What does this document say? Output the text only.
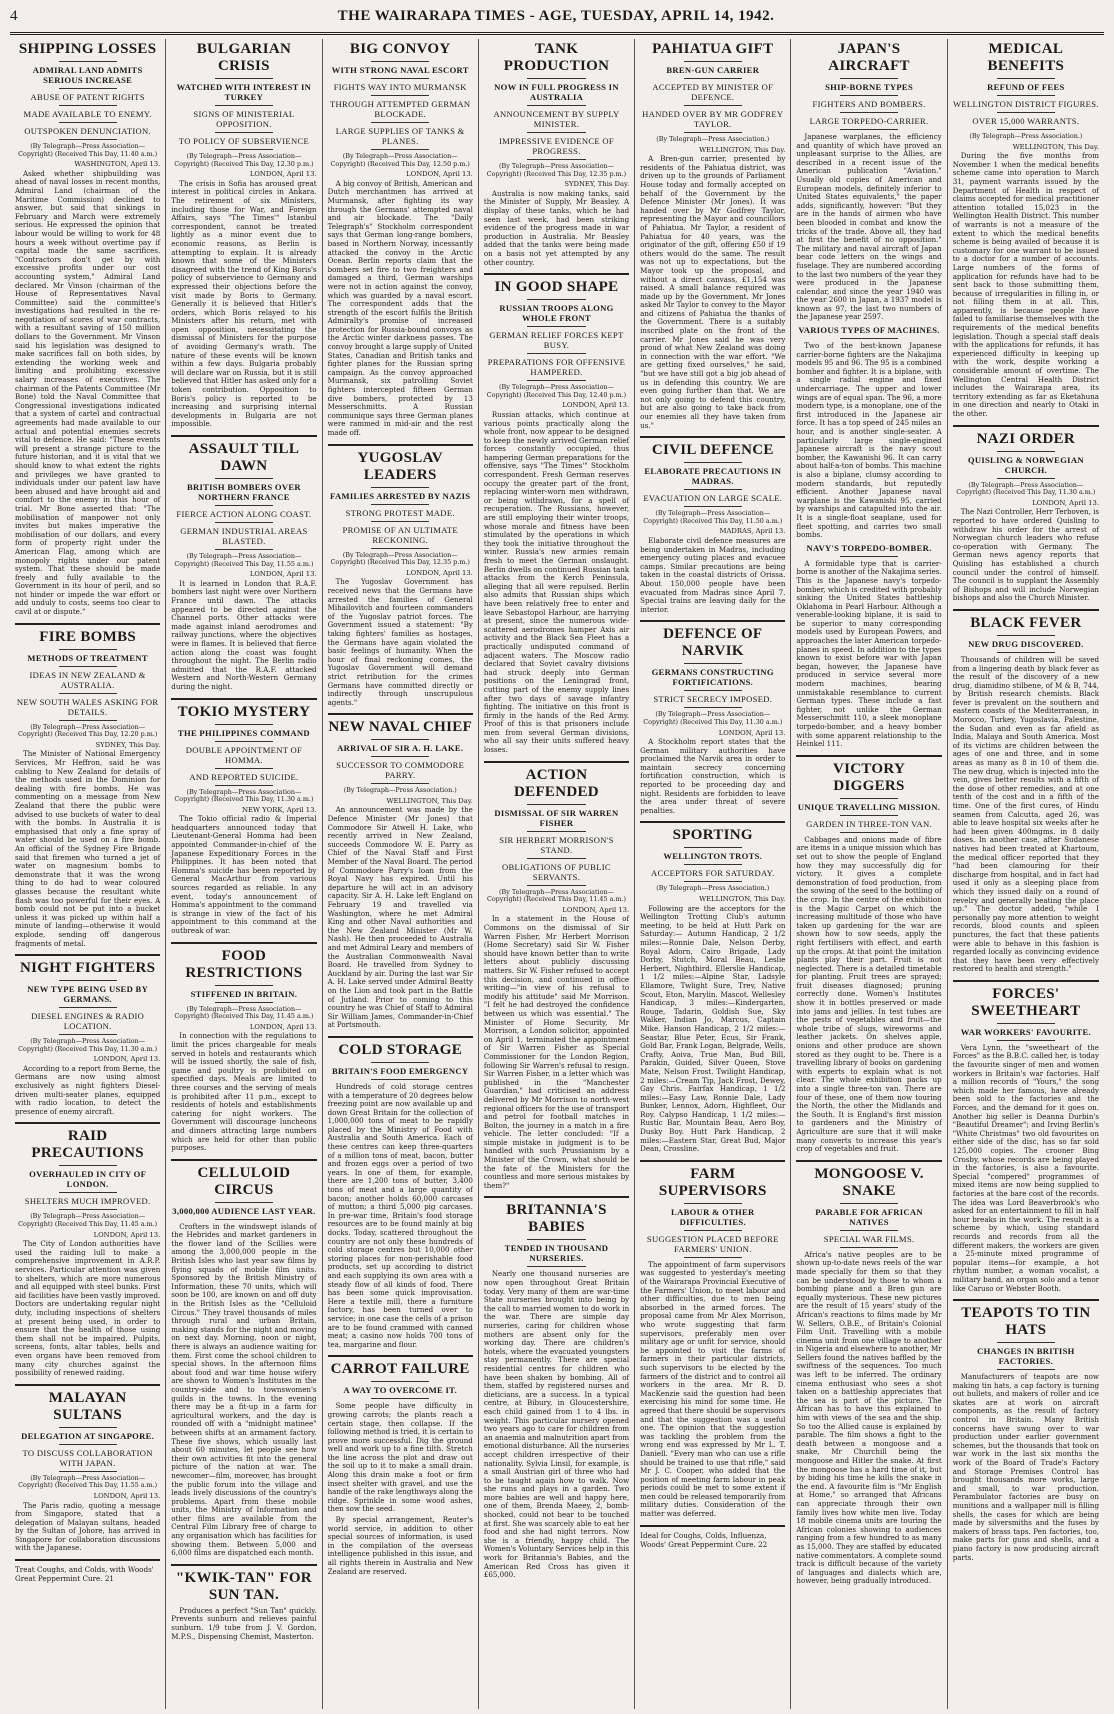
4	THE WAIRARAPA TIMES - AGE, TUESDAY, APRIL 14, 1942.
SHIPPING LOSSES
ADMIRAL LAND ADMITS SERIOUS INCREASE
ABUSE OF PATENT RIGHTS
MADE AVAILABLE TO ENEMY.
OUTSPOKEN DENUNCIATION.
(By Telegraph—Press Association—Copyright) (Received This Day, 11.40 a.m.)
WASHINGTON, April 13.

Asked whether shipbuilding was ahead of naval losses in recent months, Admiral Land (chairman of the Maritime Commission) declined to answer, but said that sinkings in February and March were extremely serious. He expressed the opinion that labour would be willing to work for 48 hours a week without overtime pay if capital made the same sacrifices. "Contractors don't get by with excessive profits under our cost accounting system," Admiral Land declared. Mr Vinson (chairman of the House of Representatives Naval Committee) said the committee's investigations had resulted in the re-negotiation of scores of war contracts, with a resultant saving of 150 million dollars to the Government. Mr Vinson said his legislation was designed to make sacrifices fall on both sides, by extending the working week and limiting and prohibiting excessive salary increases of executives. The chairman of the Patents Committee (Mr Bone) told the Naval Committee that Congressional investigations indicated that a system of cartel and contractual agreements had made available to our actual and potential enemies secrets vital to defence. He said: "These events will present a strange picture to the future historian, and it is vital that we should know to what extent the rights and privileges we have granted to individuals under our patent law have been abused and have brought aid and comfort to the enemy in this hour of trial. Mr Bone asserted that: "The mobilisation of manpower not only invites but makes imperative the mobilisation of our dollars, and every form of property right under the American Flag, among which are monopoly rights under our patent system. That these should be made freely and fully available to the Government in its hour of peril, and so not hinder or impede the war effort or add unduly to costs, seems too clear to cavil at or dispute."

FIRE BOMBS
METHODS OF TREATMENT
IDEAS IN NEW ZEALAND & AUSTRALIA.
NEW SOUTH WALES ASKING FOR DETAILS.
(By Telegraph—Press Association—Copyright) (Received This Day, 12.20 p.m.)
SYDNEY, This Day.

The Minister of National Emergency Services, Mr Heffron, said he was cabling to New Zealand for details of the methods used in the Dominion for dealing with fire bombs. He was commenting on a message from New Zealand that there the public were advised to use buckets of water to deal with the bombs. In Australia it is emphasised that only a fine spray of water should be used on a fire bomb. An official of the Sydney Fire Brigade said that firemen who turned a jet of water on magnesium bombs to demonstrate that it was the wrong thing to do had to wear coloured glasses because the resultant white flash was too powerful for their eyes. A bomb could not be put into a bucket unless it was picked up within half a minute of landing—otherwise it would explode, sending off dangerous fragments of metal.

NIGHT FIGHTERS
NEW TYPE BEING USED BY GERMANS.
DIESEL ENGINES & RADIO LOCATION.
(By Telegraph—Press Association—Copyright) (Received This Day, 11.30 a.m.)
LONDON, April 13.

According to a report from Berne, the Germans are now using almost exclusively as night fighters Diesel-driven multi-seater planes, equipped with radio location, to detect the presence of enemy aircraft.

RAID PRECAUTIONS
OVERHAULED IN CITY OF LONDON.
SHELTERS MUCH IMPROVED.
(By Telegraph—Press Association—Copyright) (Received This Day, 11.45 a.m.)
LONDON, April 13.

The City of London authorities have used the raiding lull to make a comprehensive improvement in A.R.P. services. Particular attention was given to shelters, which are more numerous and all equipped with steel bunks. First aid facilities have been vastly improved. Doctors are undertaking regular night duty, including inspections of shelters at present being used, in order to ensure that the health of those using them shall not be impaired. Pulpits, screens, fonts, altar tables, bells and even organs have been removed from many city churches against the possibility of renewed raiding.

MALAYAN SULTANS
DELEGATION AT SINGAPORE.
TO DISCUSS COLLABORATION WITH JAPAN.
(By Telegraph—Press Association—Copyright) (Received This Day, 11.55 a.m.)
LONDON, April 13.

The Paris radio, quoting a message from Singapore, stated that a delegation of Malayan sultans, headed by the Sultan of Johore, has arrived in Singapore for collaboration discussions with the Japanese.

Treat Coughs, and Colds, with Woods' Great Peppermint Cure. 21
BULGARIAN CRISIS
WATCHED WITH INTEREST IN TURKEY
SIGNS OF MINISTERIAL OPPOSITION.
TO POLICY OF SUBSERVIENCE
(By Telegraph—Press Association—Copyright) (Received This Day, 12.30 p.m.)
LONDON, April 13.

The crisis in Sofia has aroused great interest in political circles in Ankara. The retirement of six Ministers, including those for War, and Foreign Affairs, says "The Times'" Istanbul correspondent, cannot be treated lightly as a minor event due to economic reasons, as Berlin is attempting to explain. It is already known that some of the Ministers disagreed with the trend of King Boris's policy of subservience to Germany and expressed their objections before the visit made by Boris to Germany. Generally it is believed that Hitler's orders, which Boris relayed to his Ministers after his return, met with open opposition, necessitating the dismissal of Ministers for the purpose of avoiding Germany's wrath. The nature of these events will be known within a few days. Bulgaria probably will declare war on Russia, but it is still believed that Hitler has asked only for a token contribution. Opposition to Boris's policy is reported to be increasing and surprising internal developments in Bulgaria are not impossible.

ASSAULT TILL DAWN
BRITISH BOMBERS OVER NORTHERN FRANCE
FIERCE ACTION ALONG COAST.
GERMAN INDUSTRIAL AREAS BLASTED.
(By Telegraph—Press Association—Copyright) (Received This Day, 11.55 a.m.)
LONDON, April 13.

It is learned in London that R.A.F. bombers last night were over Northern France until dawn. The attacks appeared to be directed against the Channel ports. Other attacks were made against inland aerodromes and railway junctions, where the objectives were in flames. It is believed that fierce action along the coast was fought throughout the night. The Berlin radio admitted that the R.A.F. attacked Western and North-Western Germany during the night.

TOKIO MYSTERY
THE PHILIPPINES COMMAND
DOUBLE APPOINTMENT OF HOMMA.
AND REPORTED SUICIDE.
(By Telegraph—Press Association—Copyright) (Received This Day, 11.30 a.m.)
NEW YORK, April 13.

The Tokio official radio & Imperial headquarters announced today that Lieutenant-General Homma had been appointed Commander-in-chief of the Japanese Expeditionary Forces in the Philippines. It has been noted that Homma's suicide has been reported by General MacArthur from various sources regarded as reliable. In any event, today's announcement of Homma's appointment to the command is strange in view of the fact of his appointment to this command at the outbreak of war.

FOOD RESTRICTIONS
STIFFENED IN BRITAIN.
(By Telegraph—Press Association—Copyright) (Received This Day, 11.45 a.m.)
LONDON, April 13.

In connection with the regulations to limit the prices chargeable for meals served in hotels and restaurants which will be issued shortly, the sale of fish, game and poultry is prohibited on specified days. Meals are limited to three courses and the serving of meals is prohibited after 11 p.m., except to residents of hotels and establishments catering for night workers. The Government will discourage luncheons and dinners attracting large numbers which are held for other than public purposes.

CELLULOID CIRCUS
3,000,000 AUDIENCE LAST YEAR.

Crofters in the windswept islands of the Hebrides and market gardeners in the flower land of the Scillies were among the 3,000,000 people in the British Isles who last year saw films by flying squads of mobile film units. Sponsored by the British Ministry of Information, these 70 units, which will soon be 100, are known on and off duty in the British Isles as the "Celluloid Circus." They travel thousands of miles through rural and urban Britain, making stands for the night and moving on next day. Morning, noon or night, there is always an audience waiting for them. First come the school children to special shows. In the afternoon films about food and war time house wifery are shown to Women's Institutes in the country-side and to townswomen's guilds in the towns. In the evening there may be a fit-up in a farm for agricultural workers, and the day is rounded off with a "midnight matinee" between shifts at an armament factory. These five shows, which usually last about 60 minutes, let people see how their own activities fit into the general picture of the nation at war. The newcomer—film, moreover, has brought the public forum into the village and leads lively discussions of the country's problems. Apart from these mobile units, the Ministry of Information and other films are available from the Central Film Library free of charge to any organisation which has facilities for showing them. Between 5,000 and 6,000 films are dispatched each month.

"KWIK-TAN" FOR SUN TAN.

Produces a perfect "Sun Tan" quickly. Prevents sunburn and relieves painful sunburn. 1/9 tube from J. V. Gordon, M.P.S., Dispensing Chemist, Masterton.

BIG CONVOY
WITH STRONG NAVAL ESCORT
FIGHTS WAY INTO MURMANSK
THROUGH ATTEMPTED GERMAN BLOCKADE.
LARGE SUPPLIES OF TANKS & PLANES.
(By Telegraph—Press Association—Copyright) (Received This Day, 12.50 p.m.)
LONDON, April 13.

A big convoy of British, American and Dutch merchantmen has arrived at Murmansk, after fighting its way through the Germans' attempted naval and air blockade. The "Daily Telegraph's" Stockholm correspondent says that German long-range bombers, based in Northern Norway, incessantly attacked the convoy in the Arctic Ocean. Berlin reports claim that the bombers set fire to two freighters and damaged a third, German warships were not in action against the convoy, which was guarded by a naval escort. The correspondent adds that the strength of the escort fulfils the British Admiralty's promise of increased protection for Russia-bound convoys as the Arctic winter darkness passes. The convoy brought a large supply of United States, Canadian and British tanks and fighter planes for the Russian spring campaign. As the convoy approached Murmansk, six patrolling Soviet fighters intercepted fifteen German dive bombers, protected by 13 Messerschmitts. A Russian communique says three German planes were rammed in mid-air and the rest made off.

YUGOSLAV LEADERS
FAMILIES ARRESTED BY NAZIS
STRONG PROTEST MADE.
PROMISE OF AN ULTIMATE RECKONING.
(By Telegraph—Press Association—Copyright) (Received This Day, 12.35 p.m.)
LONDON, April 13.

The Yugoslav Government has received news that the Germans have arrested the families of General Mihailovitch and fourteen commanders of the Yugoslav patriot forces. The Government issued a statement: "By taking fighters' families as hostages, the Germans have again violated the basic feelings of humanity. When the hour of final reckoning comes, the Yugoslav Government will demand strict retribution for the crimes Germans have committed directly or indirectly through unscrupulous agents."

NEW NAVAL CHIEF
ARRIVAL OF SIR A. H. LAKE.
SUCCESSOR TO COMMODORE PARRY.
(By Telegraph—Press Association.)
WELLINGTON, This Day.

An announcement was made by the Defence Minister (Mr Jones) that Commodore Sir Atwell H. Lake, who recently arrived in New Zealand, succeeds Commodore W. E. Parry as Chief of the Naval Staff and First Member of the Naval Board. The period of Commodore Parry's loan from the Royal Navy has expired. Until his departure he will act in an advisory capacity. Sir A. H. Lake left England on February 19 and travelled via Washington, where he met Admiral King and other Naval authorities and the New Zealand Minister (Mr W. Nash). He then proceeded to Australia and met Admiral Leary and members of the Australian Commonwealth Naval Board. He travelled from Sydney to Auckland by air. During the last war Sir A. H. Lake served under Admiral Beatty on the Lion and took part in the Battle of Jutland. Prior to coming to this country he was Chief of Staff to Admiral Sir William James, Commander-in-Chief at Portsmouth.

COLD STORAGE
BRITAIN'S FOOD EMERGENCY

Hundreds of cold storage centres with a temperature of 20 degrees below freezing point are now available up and down Great Britain for the collection of 1,000,000 tons of meat to be rapidly placed by the Ministry of Food with Australia and South America. Each of these centres can keep three-quarters of a million tons of meat, bacon, butter and frozen eggs over a period of two years. In one of them, for example, there are 1,200 tons of butter, 3,400 tons of meat and a large quantity of bacon; another holds 60,000 carcases of mutton; a third 5,000 pig carcases. In pre-war time, Britain's food storage resources are to be found mainly at big docks. Today, scattered throughout the country are not only these hundreds of cold storage centres but 10,000 other storing places for non-perishable food products, set up according to district and each supplying its own area with a steady flow of all kinds of food. There has been some quick improvisation. Here a textile mill, there a furniture factory, has been turned over to service; in one case the cells of a prison are to be found crammed with canned meat; a casino now holds 700 tons of tea, margarine and flour.

CARROT FAILURE
A WAY TO OVERCOME IT.

Some people have difficulty in growing carrots; the plants reach a certain stage, then collapse. If the following method is tried, it is certain to prove more successful. Dig the ground well and work up to a fine tilth. Stretch the line across the plot and draw out the soil up to it to make a small drain. Along this drain make a foot or firm insect shelter with gravel, and use the handle of the rake lengthways along the ridge. Sprinkle in some wood ashes, then sow the seed.

By special arrangement, Reuter's world service, in addition to other special sources of information, is used in the compilation of the overseas intelligence published in this issue, and all rights therein in Australia and New Zealand are reserved.

TANK PRODUCTION
NOW IN FULL PROGRESS IN AUSTRALIA
ANNOUNCEMENT BY SUPPLY MINISTER.
IMPRESSIVE EVIDENCE OF PROGRESS.
(By Telegraph—Press Association—Copyright) (Received This Day, 12.35 p.m.)
SYDNEY, This Day.

Australia is now making tanks, said the Minister of Supply, Mr Beasley. A display of these tanks, which he had seen last week, had been striking evidence of the progress made in war production in Australia. Mr Beasley added that the tanks were being made on a basis not yet attempted by any other country.

IN GOOD SHAPE
RUSSIAN TROOPS ALONG WHOLE FRONT
GERMAN RELIEF FORCES KEPT BUSY.
PREPARATIONS FOR OFFENSIVE HAMPERED.
(By Telegraph—Press Association—Copyright) (Received This Day, 12.40 p.m.)
LONDON, April 13.

Russian attacks, which continue at various points practically along the whole front, now appear to be designed to keep the newly arrived German relief forces constantly occupied, thus hampering German preparations for the offensive, says "The Times'" Stockholm correspondent. Fresh German reserves occupy the greater part of the front, replacing winter-worn men withdrawn, or being withdrawn, for a spell of recuperation. The Russians, however, are still employing their winter troops, whose morale and fitness have been stimulated by the operations in which they took the initiative throughout the winter. Russia's new armies remain fresh to meet the German onslaught. Berlin dwells on continued Russian tank attacks from the Kerch Peninsula, alleging that all were repulsed. Berlin also admits that Russian ships which have been relatively free to enter and leave Sebastopol Harbour, are harrying at present, since the numerous wide-scattered aerodromes hamper Axis air activity and the Black Sea Fleet has a practically undisputed command of adjacent waters. The Moscow radio declared that Soviet cavalry divisions had struck deeply into German positions on the Leningrad front, cutting part of the enemy supply lines after two days of savage infantry fighting. The initiative on this front is firmly in the hands of the Red Army. Proof of this is that prisoners include men from several German divisions, who all say their units suffered heavy losses.

ACTION DEFENDED
DISMISSAL OF SIR WARREN FISHER
SIR HERBERT MORRISON'S STAND.
OBLIGATIONS OF PUBLIC SERVANTS.
(By Telegraph—Press Association—Copyright) (Received This Day, 11.45 a.m.)
LONDON, April 13.

In a statement in the House of Commons on the dismissal of Sir Warren Fisher, Mr Herbert Morrison (Home Secretary) said Sir W. Fisher should have known better than to write letters about publicly discussing matters. Sir W. Fisher refused to accept this decision, and continued in office writing—"in view of his refusal to modify his attitude" said Mr Morrison. "I felt he had destroyed the confidence between us which was essential." The Minister of Home Security, Mr Morrison, a London solicitor, appointed on April 1, terminated the appointment of Sir Warren Fisher as Special Commissioner for the London Region, following Sir Warren's refusal to resign. Sir Warren Fisher, in a letter which was published in the "Manchester Guardian," had criticised an address delivered by Mr Morrison to north-west regional officers for the use of transport and petrol for football matches in Bolton, the journey in a match in a fire vehicle. The letter concluded: "If a simple mistake in judgment is to be handled with such Prussianism by a Minister of the Crown, what should be the fate of the Ministers for the countless and more serious mistakes by them?"

BRITANNIA'S BABIES
TENDED IN THOUSAND NURSERIES.

Nearly one thousand nurseries are now open throughout Great Britain today. Very many of them are war-time State nurseries brought into being by the call to married women to do work in the war. There are simple day nurseries, caring for children whose mothers are absent only for the working day. There are children's hotels, where the evacuated youngsters stay permanently. There are special residential centres for children who have been shaken by bombing. All of them, staffed by registered nurses and dieticians, are a success. In a typical centre, at Bibury, in Gloucestershire, each child gained from 1 to 4 lbs. in weight. This particular nursery opened two years ago to care for children from an anaemia and malnutrition apart from emotional disturbance. All the nurseries accept children irrespective of their nationality. Sylvia Linsil, for example, is a small Austrian girl of three who had to be taught again how to walk. Now she runs and plays in a garden. Two more babies are well and happy here, one of them, Brenda Maeey, 2, bomb-shocked, could not bear to be touched at first. She was scarcely able to eat her food and she had night terrors. Now she is a friendly, happy child. The Women's Voluntary Services help in this work for Britannia's Babies, and the American Red Cross has given it £65,000.

PAHIATUA GIFT
BREN-GUN CARRIER
ACCEPTED BY MINISTER OF DEFENCE.
HANDED OVER BY MR GODFREY TAYLOR.
(By Telegraph—Press Association.)
WELLINGTON, This Day.

A Bren-gun carrier, presented by residents of the Pahiatua district, was driven up to the grounds of Parliament House today and formally accepted on behalf of the Government by the Defence Minister (Mr Jones). It was handed over by Mr Godfrey Taylor, representing the Mayor and councillors of Pahiatua. Mr Taylor, a resident of Pahiatua for 40 years, was the originator of the gift, offering £50 if 19 others would do the same. The result was not up to expectations, but the Mayor took up the proposal, and without a direct canvass, £1,154 was raised. A small balance required was made up by the Government. Mr Jones asked Mr Taylor to convey to the Mayor and citizens of Pahiatua the thanks of the Government. There is a suitably inscribed plate on the front of the carrier. Mr Jones said he was very proud of what New Zealand was doing in connection with the war effort. "We are getting fixed ourselves," he said, "but we have still got a big job ahead of us in defending this country. We are even going further than that. We are not only going to defend this country, but are also going to take back from our enemies all they have taken from us."

CIVIL DEFENCE
ELABORATE PRECAUTIONS IN MADRAS.
EVACUATION ON LARGE SCALE.
(By Telegraph—Press Association—Copyright) (Received This Day, 11.50 a.m.)
MADRAS, April 13.

Elaborate civil defence measures are being undertaken in Madras, including emergency outing places and evacuee camps. Similar precautions are being taken in the coastal districts of Orissa. About 150,000 people have been evacuated from Madras since April 7. Special trains are leaving daily for the interior.

DEFENCE OF NARVIK
GERMANS CONSTRUCTING FORTIFICATIONS.
STRICT SECRECY IMPOSED.
(By Telegraph—Press Association—Copyright) (Received This Day, 11.30 a.m.)
LONDON, April 13.

A Stockholm report states that the German military authorities have proclaimed the Narvik area in order to maintain secrecy concerning fortification construction, which is reported to be proceeding day and night. Residents are forbidden to leave the area under threat of severe penalties.

SPORTING
WELLINGTON TROTS.
ACCEPTORS FOR SATURDAY.
(By Telegraph—Press Association.)
WELLINGTON, This Day.

Following are the acceptors for the Wellington Trotting Club's autumn meeting, to be held at Hutt Park on Saturday:— Autumn Handicap, 2 1/2 miles:—Ronnie Dale, Nelson Derby, Royal Adorn, Cairo Brigade, Lady Dorby, Stutch, Moral Beau, Leslie Herbert, Nightbird. Ellerslie Handicap, 1 1/2 miles:—Alpine Star, Ladsyle Ellamore, Twlight Sure, Trev, Native Scout, Eton, Marylin. Mascot. Wellesley Handicap, 3 miles:—Kindergarten, Rouge, Tadarin, Goldish Sue, Sky Walker, Indian Jo, Marcus, Captain Mike. Hanson Handicap, 2 1/2 miles:—Seastar, Blue Peter, Ecus, Sir Frank, Gold Bar, Frank Logan, Belgrade, Wells, Crafty, Aoiva, True Man, Bud Bill, Parakin, Guided, Silver Queen, Stove Mate, Nelson Frost. Twilight Handicap, 2 miles:—Cream Tip, Jack Frost, Dewey, Gay Chris. Fairfax Handicap, 1 1/2 miles:—Easy Law, Ronnie Dale, Lady Bunker, Lennox, Adorn, Highfleet, Our Roy. Calypso Handicap, 1 1/2 miles:—Rustic Bar, Mountain Beau, Aero Boy, Dusky Boy. Hutt Park Handicap, 2 miles:—Eastern Star, Great Bud, Major Dean, Crossline.

FARM SUPERVISORS
LABOUR & OTHER DIFFICULTIES.
SUGGESTION PLACED BEFORE FARMERS' UNION.

The appointment of farm supervisors was suggested to yesterday's meeting of the Wairarapa Provincial Executive of the Farmers' Union, to meet labour and other difficulties, due to men being absorbed in the armed forces. The proposal came from Mr Alex Morrison, who wrote suggesting that farm supervisors, preferably men over military age or unfit for service, should be appointed to visit the farms of farmers in their particular districts, such supervisors to be elected by the farmers of the district and to control all workers in the area. Mr R. D. MacKenzie said the question had been exercising his mind for some time. He agreed that there should be supervisors and that the suggestion was a useful one. The opinion that the suggestion was tackling the problem from the wrong end was expressed by Mr L. T. Daniell. "Every man who can use a rifle should be trained to use that rifle," said Mr J. C. Cooper, who added that the position of meeting farm labour in peak periods could be met to some extent if men could be released temporarily from military duties. Consideration of the matter was deferred.

Ideal for Coughs, Colds, Influenza, Woods' Great Peppermint Cure. 22
JAPAN'S AIRCRAFT
SHIP-BORNE TYPES
FIGHTERS AND BOMBERS.
LARGE TORPEDO-CARRIER.

Japanese warplanes, the efficiency and quantity of which have proved an unpleasant surprise to the Allies, are described in a recent issue of the American publication "Aviation." Usually old copies of American and European models, definitely inferior to United States equivalents," the paper adds, significantly, however: "But they are in the hands of airmen who have been blooded in combat and know the tricks of the trade. Above all, they had at first the benefit of no opposition." The military and naval aircraft of Japan bear code letters on the wings and fuselage. They are numbered according to the last two numbers of the year they were produced in the Japanese calendar, and since the year 1940 was the year 2600 in Japan, a 1937 model is known as 97, the last two numbers of the Japanese year 2597.

VARIOUS TYPES OF MACHINES.

Two of the best-known Japanese carrier-borne fighters are the Nakajima models 95 and 96. The 95 is a combined bomber and fighter. It is a biplane, with a single radial engine and fixed undercarriage. The upper and lower wings are of equal span. The 96, a more modern type, is a monoplane, one of the first introduced in the Japanese air force. It has a top speed of 245 miles an hour, and is another single-seater. A particularly large single-engined Japanese aircraft is the navy scout bomber, the Kawanishi 96. It can carry about half-a-ton of bombs. This machine is also a biplane, clumsy according to modern standards, but reputedly efficient. Another Japanese naval warplane is the Kawanishi 95, carried by warships and catapulted into the air. It is a single-float seaplane, used for fleet spotting, and carries two small bombs.

NAVY'S TORPEDO-BOMBER.

A formidable type that is carrier-borne is another of the Nakajima series. This is the Japanese navy's torpedo-bomber, which is credited with probably sinking the United States battleship Oklahoma in Pearl Harbour. Although a venerable-looking biplane, it is said to be superior to many corresponding models used by European Powers, and approaches the later American torpedo-planes in speed. In addition to the types known to exist before war with Japan began, however, the Japanese have produced in service several more modern machines, bearing unmistakable resemblance to current German types. These include a fast fighter, not unlike the German Messerschmitt 110, a sleek monoplane torpedo-bomber, and a heavy bomber with some apparent relationship to the Heinkel 111.

VICTORY DIGGERS
UNIQUE TRAVELLING MISSION.
GARDEN IN THREE-TON VAN.

Cabbages and onions made of fibre are items in a unique mission which has set out to show the people of England how they may successfully dig for victory. It gives a complete demonstration of food production, from the sowing of the seed to the bottling of the crop. In the centre of the exhibition is the Magic Carpet on which the increasing multitude of those who have taken up gardening for the war are shown how to sow seeds, apply the right fertilisers with effect, and earth up the crops. At that point the imitation plants play their part. Fruit is not neglected. There is a detailed timetable for planting. Fruit trees are sprayed; fruit diseases diagnosed; pruning correctly done. Women's Institutes show it in bottles preserved or made into jams and jellies. In test tubes are the pests of vegetables and fruit—the whole tribe of slugs, wireworms and leather jackets. On shelves apple, onions and other produce are shown stored as they ought to be. There is a travelling library of books on gardening with experts to explain what is not clear. The whole exhibition packs up into a single three-ton van. There are four of these, one of them now touring the North, the other the Midlands and the South. It is England's first mission to gardeners and the Ministry of Agriculture are sure that it will make many converts to increase this year's crop of vegetables and fruit.

MONGOOSE V. SNAKE
PARABLE FOR AFRICAN NATIVES
SPECIAL WAR FILMS.

Africa's native peoples are to be shown up-to-date news reels of the war made specially for them so that they can be understood by those to whom a bombing plane and a Bren gun are equally mysterious. These new pictures are the result of 15 years' study of the African's reactions to films made by Mr W. Sellers, O.B.E., of Britain's Colonial Film Unit. Travelling with a mobile cinema unit from one village to another in Nigeria and elsewhere to another, Mr Sellers found the natives baffled by the swiftness of the sequences. Too much was left to be inferred. The ordinary cinema enthusiast who sees a shot taken on a battleship appreciates that the sea is part of the picture. The African has to have this explained to him with views of the sea and the ship. So too the Allied cause is explained by parable. The film shows a fight to the death between a mongoose and a snake, Mr Churchill being the mongoose and Hitler the snake. At first the mongoose has a hard time of it, but by biding his time he kills the snake in the end. A favourite film is "Mr English at Home," so arranged that Africans can appreciate through their own family lives how white men live. Today 18 mobile cinema units are touring the African colonies showing to audiences ranging from a few hundred to as many as 15,000. They are staffed by educated native commentators. A complete sound track is difficult because of the variety of languages and dialects which are, however, being gradually introduced.

MEDICAL BENEFITS
REFUND OF FEES
WELLINGTON DISTRICT FIGURES.
OVER 15,000 WARRANTS.
(By Telegraph—Press Association.)
WELLINGTON, This Day.

During the five months from November 1 when the medical benefits scheme came into operation to March 31, payment warrants issued by the Department of Health in respect of claims accepted for medical practitioner attention totalled 15,023 in the Wellington Health District. This number of warrants is not a measure of the extent to which the medical benefits scheme is being availed of because it is customary for one warrant to be issued to a doctor for a number of accounts. Large numbers of the forms of application for refunds have had to be sent back to those submitting them, because of irregularities in filling in, or not filling them in at all. This, apparently, is because people have failed to familiarise themselves with the requirements of the medical benefits legislation. Though a special staff deals with the applications for refunds, it has experienced difficulty in keeping up with the work, despite working a considerable amount of overtime. The Wellington Central Health District includes the Wairarapa area, its territory extending as far as Eketahuna in one direction and nearly to Otaki in the other.

NAZI ORDER
QUISLING & NORWEGIAN CHURCH.
(By Telegraph—Press Association—Copyright) (Received This Day, 11.30 a.m.)
LONDON, April 13.

The Nazi Controller, Herr Terboven, is reported to have ordered Quisling to withdraw his order for the arrest of Norwegian church leaders who refuse co-operation with Germany. The German news agency reports that Quisling has established a church council under the control of himself. The council is to supplant the Assembly of Bishops and will include Norwegian bishops and also the Church Minister.

BLACK FEVER
NEW DRUG DISCOVERED.

Thousands of children will be saved from a lingering death by black fever as the result of the discovery of a new drug, diamidino stilbene, of M & B, 744, by British research chemists. Black fever is prevalent on the southern and eastern coasts of the Mediterranean, in Morocco, Turkey, Yugoslavia, Palestine, the Sudan and even as far afield as India, Malaya and South America. Most of its victims are children between the ages of one and three, and in some areas as many as 8 in 10 of them die. The new drug, which is injected into the vein, gives better results with a fifth of the dose of other remedies, and at one tenth of the cost and in a fifth of the time. One of the first cures, of Hindu seamen from Calcutta, aged 26, was able to leave hospital six weeks after he had been given 400mgms. in 8 daily doses. In another case, after Sudanese natives had been treated at Khartoum, the medical officer reported that they "had been clamouring for their discharge from hospital, and in fact had used it only as a sleeping place from which they issued daily on a round of revelry and generally beating the place up." The doctor added, "while I personally pay more attention to weight records, blood counts and spleen punctures, the fact that these patients were able to behave in this fashion is regarded locally as convincing evidence that they have been very effectively restored to health and strength."

FORCES' SWEETHEART
WAR WORKERS' FAVOURITE.

Vera Lynn, the "sweetheart of the Forces" as the B.B.C. called her, is today the favourite singer of men and women workers in Britain's war factories. Half a million records of "Yours," the song which made her famous, have already been sold to the factories and the Forces, and the demand for it goes on. Another big seller is Deanna Durbin's "Beautiful Dreamer"; and Irving Berlin's "White Christmas" two old favourites on either side of the disc, has so far sold 125,000 copies. The crooner Bing Crosby, whose records are being played in the factories, is also a favourite. Special "compered" programmes of mixed items are now being supplied to factories at the bare cost of the records. The idea was Lord Beaverbrook's who asked for an entertainment to fill in half hour breaks in the work. The result is a scheme by which, using standard records and records from all the different makers, the workers are given a 25-minute mixed programme of popular items—for example, a hot rhythm number, a woman vocalist, a military band, an organ solo and a tenor like Caruso or Webster Booth.

TEAPOTS TO TIN HATS
CHANGES IN BRITISH FACTORIES.

Manufacturers of teapots are now making tin hats, a cap factory is turning out bullets, and makers of roller and ice skates are at work on aircraft components, as the result of factory control in Britain. Many British concerns have swung over to war production under earlier government schemes, but the thousands that took on war work in the last six months the work of the Board of Trade's Factory and Storage Premises Control has brought thousands more works, large and small, to war production. Perambulator factories are busy on munitions and a wallpaper mill is filling shells, the cases for which are being made by silversmiths and the fuses by makers of brass taps. Pen factories, too, make parts for guns and shells, and a piano factory is now producing aircraft parts.
